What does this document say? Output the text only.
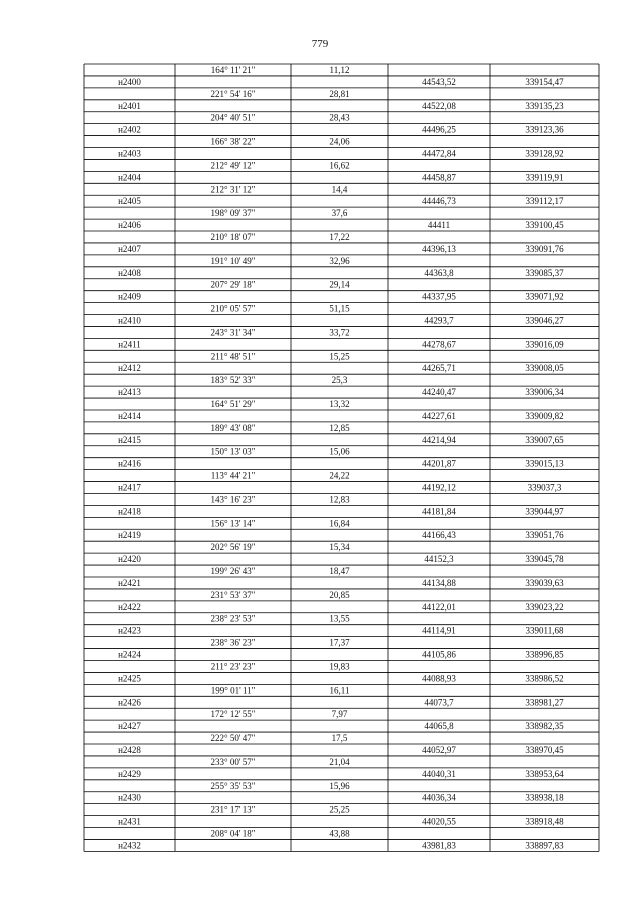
779
164° 11' 21"	11,12
н2400	44543,52	339154,47
221° 54' 16"	28,81
н2401	44522,08	339135,23
204° 40' 51"	28,43
н2402	44496,25	339123,36
166° 38' 22"	24,06
н2403	44472,84	339128,92
212° 49' 12"	16,62
н2404	44458,87	339119,91
212° 31' 12"	14,4
н2405	44446,73	339112,17
198° 09' 37"	37,6
н2406	44411	339100,45
210° 18' 07"	17,22
н2407	44396,13	339091,76
191° 10' 49"	32,96
н2408	44363,8	339085,37
207° 29' 18"	29,14
н2409	44337,95	339071,92
210° 05' 57"	51,15
н2410	44293,7	339046,27
243° 31' 34"	33,72
н2411	44278,67	339016,09
211° 48' 51"	15,25
н2412	44265,71	339008,05
183° 52' 33"	25,3
н2413	44240,47	339006,34
164° 51' 29"	13,32
н2414	44227,61	339009,82
189° 43' 08"	12,85
н2415	44214,94	339007,65
150° 13' 03"	15,06
н2416	44201,87	339015,13
113° 44' 21"	24,22
н2417	44192,12	339037,3
143° 16' 23"	12,83
н2418	44181,84	339044,97
156° 13' 14"	16,84
н2419	44166,43	339051,76
202° 56' 19"	15,34
н2420	44152,3	339045,78
199° 26' 43"	18,47
н2421	44134,88	339039,63
231° 53' 37"	20,85
н2422	44122,01	339023,22
238° 23' 53"	13,55
н2423	44114,91	339011,68
238° 36' 23"	17,37
н2424	44105,86	338996,85
211° 23' 23"	19,83
н2425	44088,93	338986,52
199° 01' 11"	16,11
н2426	44073,7	338981,27
172° 12' 55"	7,97
н2427	44065,8	338982,35
222° 50' 47"	17,5
н2428	44052,97	338970,45
233° 00' 57"	21,04
н2429	44040,31	338953,64
255° 35' 53"	15,96
н2430	44036,34	338938,18
231° 17' 13"	25,25
н2431	44020,55	338918,48
208° 04' 18"	43,88
н2432	43981,83	338897,83
